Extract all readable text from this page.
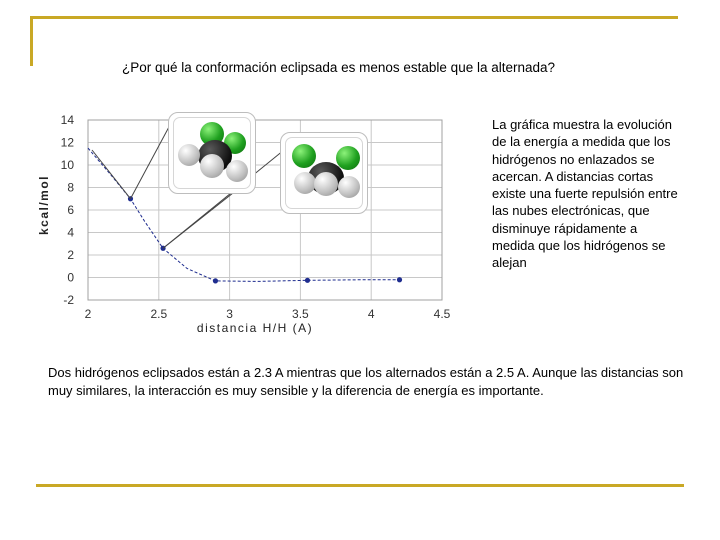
¿Por qué la conformación eclipsada es menos estable que la alternada?
-2
0
2
4
6
8
10
12
14
2	2.5	3	3.5	4	4.5
distancia H/H (A)
kcal/mol
La gráfica muestra la evolución de la energía a medida que los hidrógenos no enlazados se acercan. A distancias cortas existe una fuerte repulsión entre las nubes electrónicas, que disminuye rápidamente a medida que los hidrógenos se alejan
Dos hidrógenos eclipsados están a 2.3 A mientras que los alternados están a 2.5 A. Aunque las distancias son muy similares, la interacción es muy sensible y la diferencia de energía es importante.
